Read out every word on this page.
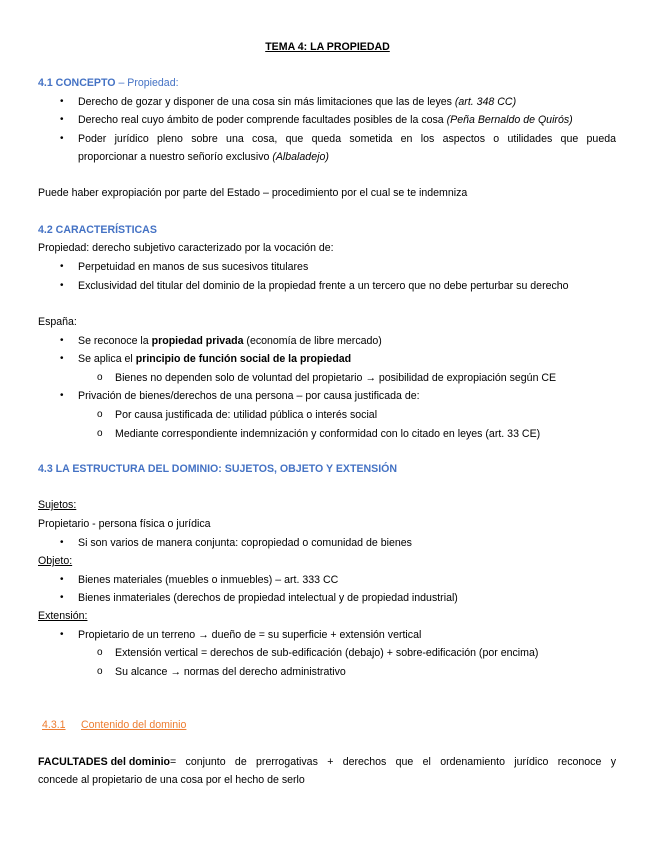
TEMA 4: LA PROPIEDAD
4.1 CONCEPTO – Propiedad:
• Derecho de gozar y disponer de una cosa sin más limitaciones que las de leyes (art. 348 CC)
• Derecho real cuyo ámbito de poder comprende facultades posibles de la cosa (Peña Bernaldo de Quirós)
• Poder jurídico pleno sobre una cosa, que queda sometida en los aspectos o utilidades que pueda
proporcionar a nuestro señorío exclusivo (Albaladejo)
Puede haber expropiación por parte del Estado – procedimiento por el cual se te indemniza
4.2 CARACTERÍSTICAS
Propiedad: derecho subjetivo caracterizado por la vocación de:
• Perpetuidad en manos de sus sucesivos titulares
• Exclusividad del titular del dominio de la propiedad frente a un tercero que no debe perturbar su derecho
España:
• Se reconoce la propiedad privada (economía de libre mercado)
• Se aplica el principio de función social de la propiedad
o Bienes no dependen solo de voluntad del propietario → posibilidad de expropiación según CE
• Privación de bienes/derechos de una persona – por causa justificada de:
o Por causa justificada de: utilidad pública o interés social
o Mediante correspondiente indemnización y conformidad con lo citado en leyes (art. 33 CE)
4.3 LA ESTRUCTURA DEL DOMINIO: SUJETOS, OBJETO Y EXTENSIÓN
Sujetos:
Propietario - persona física o jurídica
• Si son varios de manera conjunta: copropiedad o comunidad de bienes
Objeto:
• Bienes materiales (muebles o inmuebles) – art. 333 CC
• Bienes inmateriales (derechos de propiedad intelectual y de propiedad industrial)
Extensión:
• Propietario de un terreno → dueño de = su superficie + extensión vertical
o Extensión vertical = derechos de sub-edificación (debajo) + sobre-edificación (por encima)
o Su alcance → normas del derecho administrativo
4.3.1 Contenido del dominio
FACULTADES del dominio = conjunto de prerrogativas + derechos que el ordenamiento jurídico reconoce y
concede al propietario de una cosa por el hecho de serlo
